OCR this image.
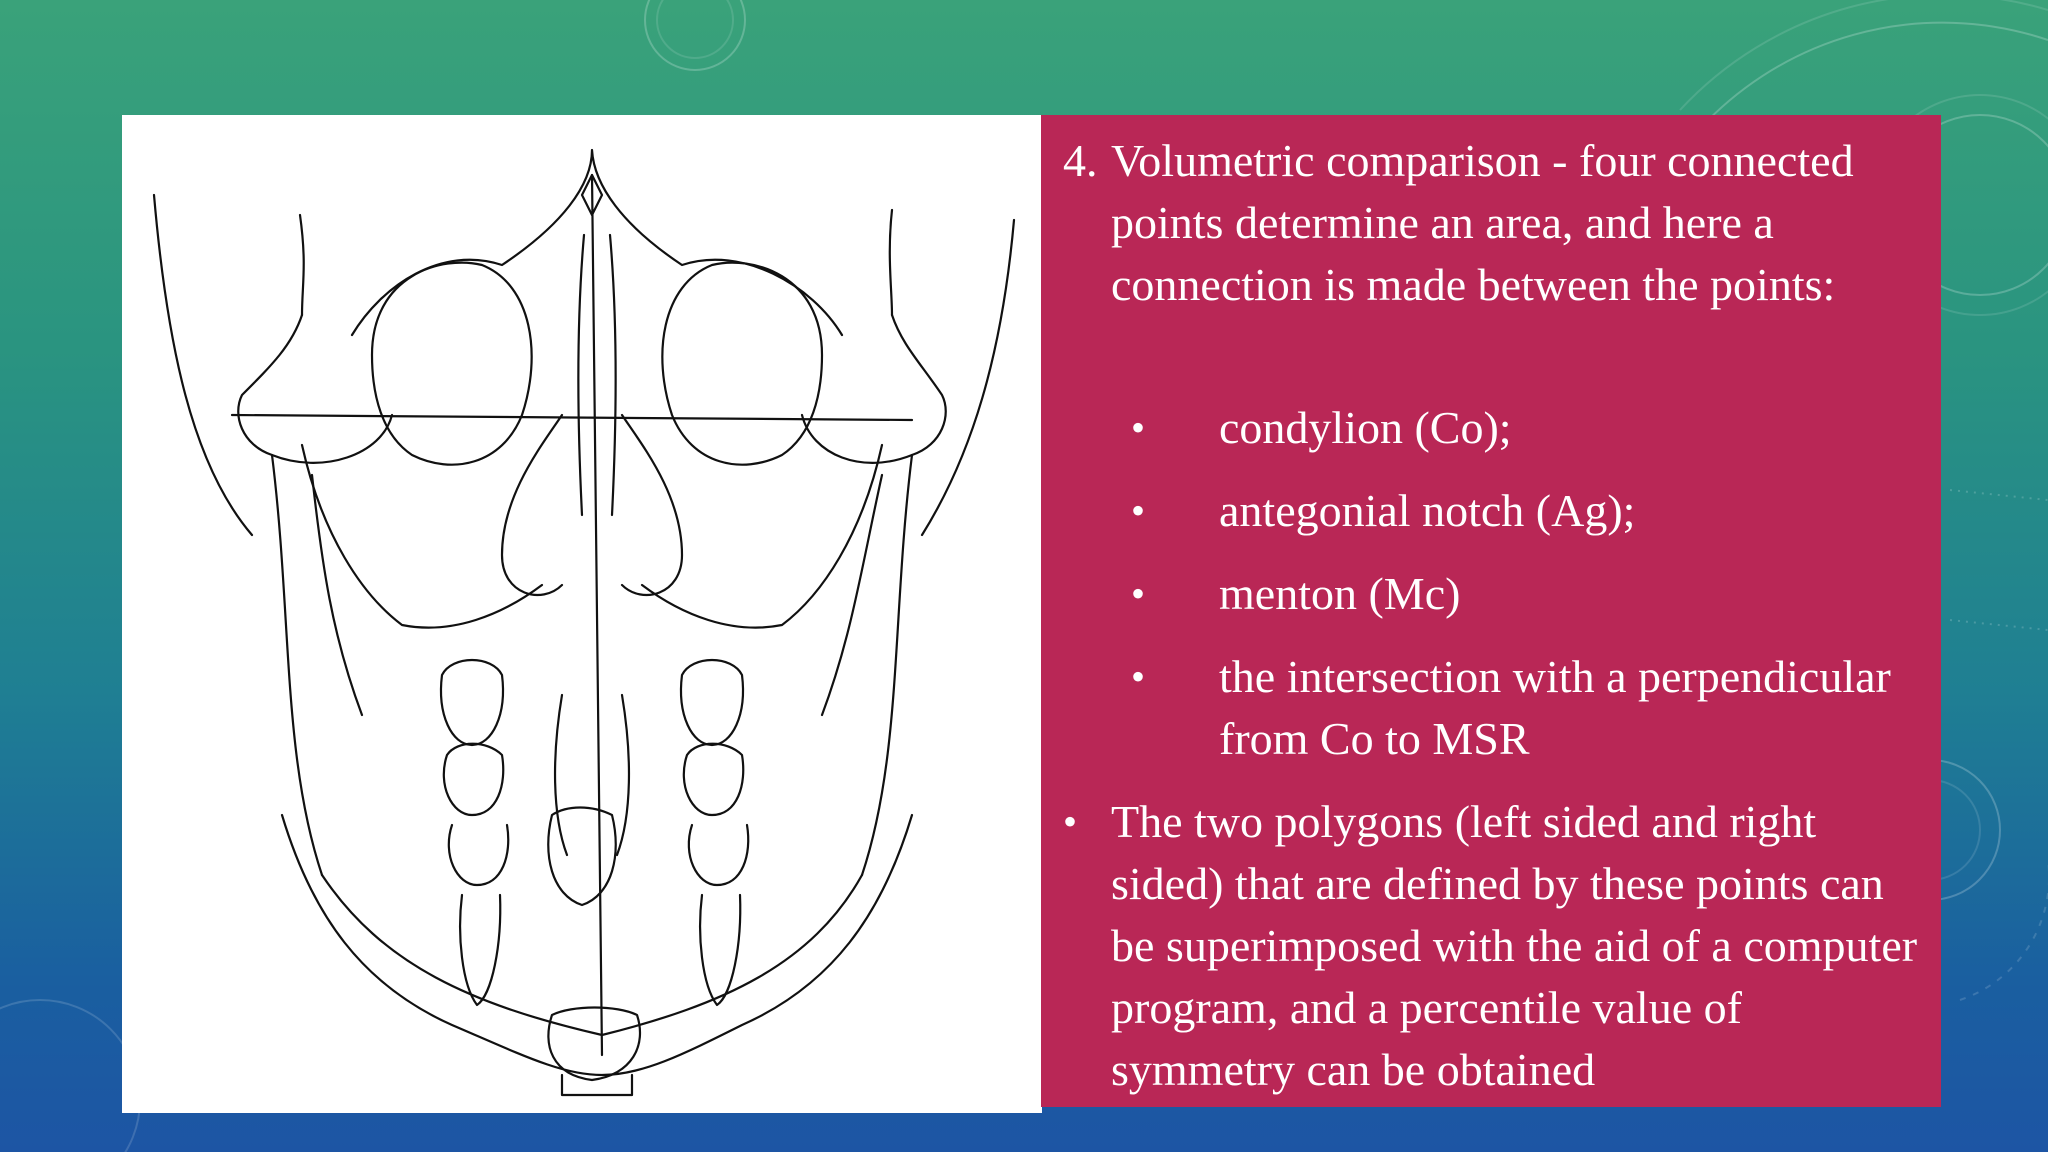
4. Volumetric comparison - four connected points determine an area, and here a connection is made between the points:

•	condylion (Co);
•	antegonial notch (Ag);
•	menton (Mc)
•	the intersection with a perpendicular from Co to MSR
• The two polygons (left sided and right sided) that are defined by these points can be superimposed with the aid of a computer program, and a percentile value of symmetry can be obtained
